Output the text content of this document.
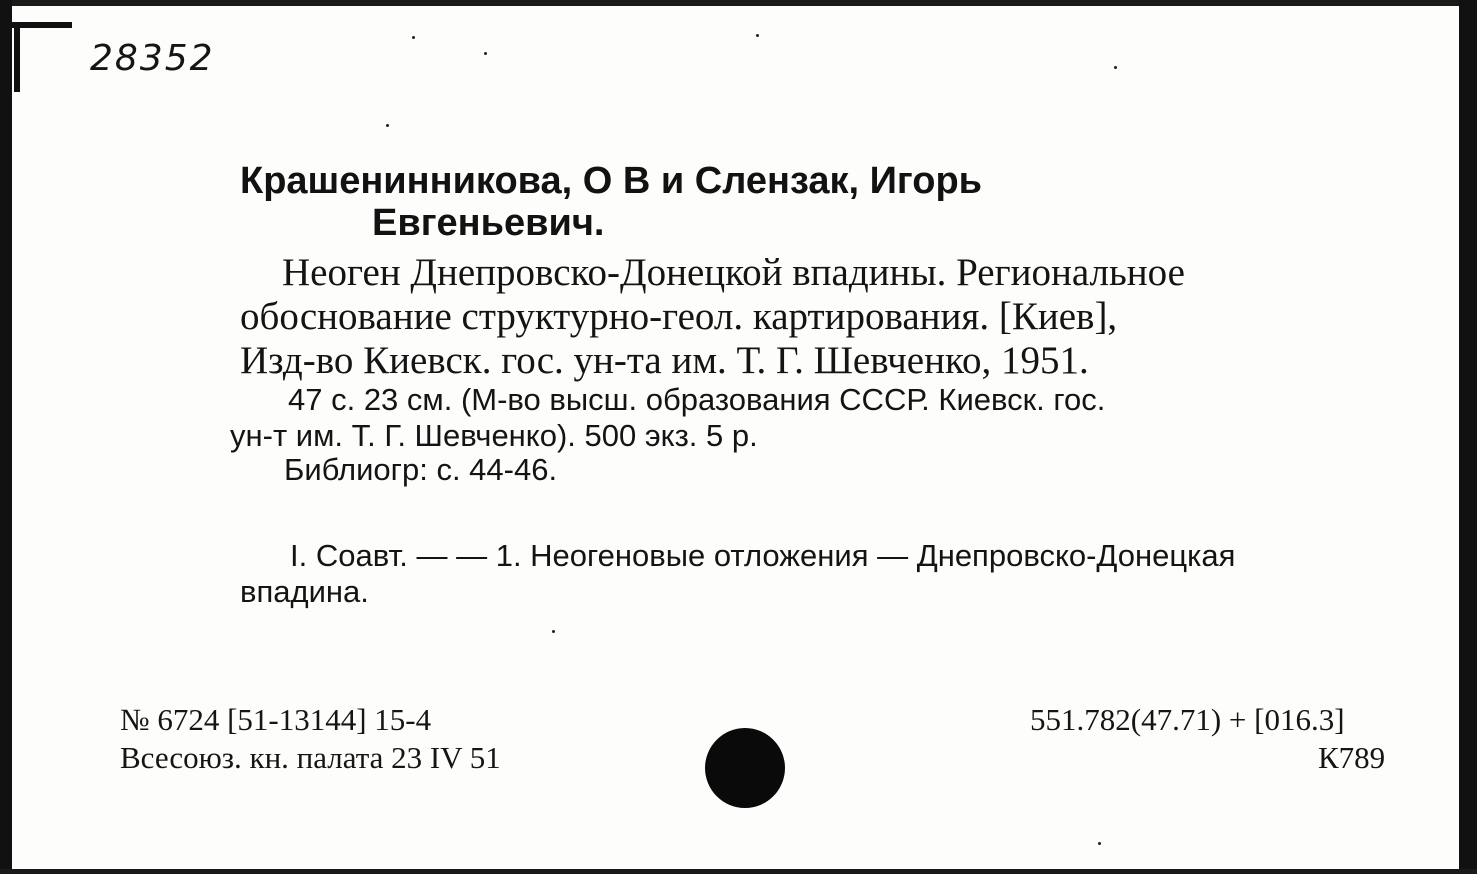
28352
Крашенинникова, О В и Слензак, Игорь
Евгеньевич.
Неоген Днепровско-Донецкой впадины. Региональное
обоснование структурно-геол. картирования. [Киев],
Изд-во Киевск. гос. ун-та им. Т. Г. Шевченко, 1951.
47 с. 23 см. (М-во высш. образования СССР. Киевск. гос.
ун-т им. Т. Г. Шевченко). 500 экз. 5 р.
Библиогр: с. 44-46.
I. Соавт. — — 1. Неогеновые отложения — Днепровско-Донецкая
впадина.
№ 6724 [51-13144] 15-4
Всесоюз. кн. палата 23 IV 51
551.782(47.71) + [016.3]
К789
